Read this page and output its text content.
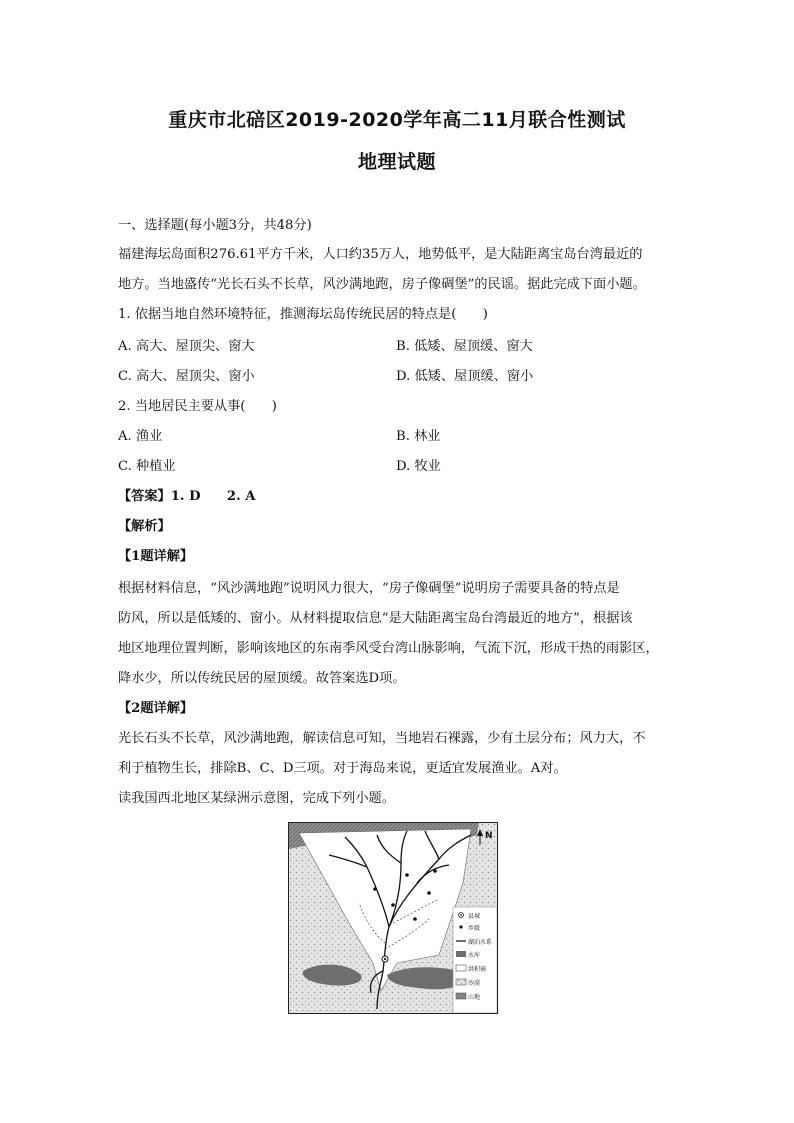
重庆市北碚区2019-2020学年高二11月联合性测试
地理试题
一、选择题(每小题3分，共48分)
福建海坛岛面积276.61平方千米，人口约35万人，地势低平，是大陆距离宝岛台湾最近的
地方。当地盛传“光长石头不长草，风沙满地跑，房子像碉堡”的民谣。据此完成下面小题。
1. 依据当地自然环境特征，推测海坛岛传统民居的特点是(　　)
A. 高大、屋顶尖、窗大	B. 低矮、屋顶缓、窗大
C. 高大、屋顶尖、窗小	D. 低矮、屋顶缓、窗小
2. 当地居民主要从事(　　)
A. 渔业	B. 林业
C. 种植业	D. 牧业
【答案】1. D　　2. A
【解析】
【1题详解】
根据材料信息，“风沙满地跑”说明风力很大，“房子像碉堡”说明房子需要具备的特点是
防风，所以是低矮的、窗小。从材料提取信息“是大陆距离宝岛台湾最近的地方”，根据该
地区地理位置判断，影响该地区的东南季风受台湾山脉影响，气流下沉，形成干热的雨影区，
降水少，所以传统民居的屋顶缓。故答案选D项。
【2题详解】
光长石头不长草，风沙满地跑，解读信息可知，当地岩石裸露，少有土层分布；风力大，不
利于植物生长，排除B、C、D三项。对于海岛来说，更适宜发展渔业。A对。
读我国西北地区某绿洲示意图，完成下列小题。
N
县城
乡级
湖泊水系
水库
洪积扇
沙漠
山地
